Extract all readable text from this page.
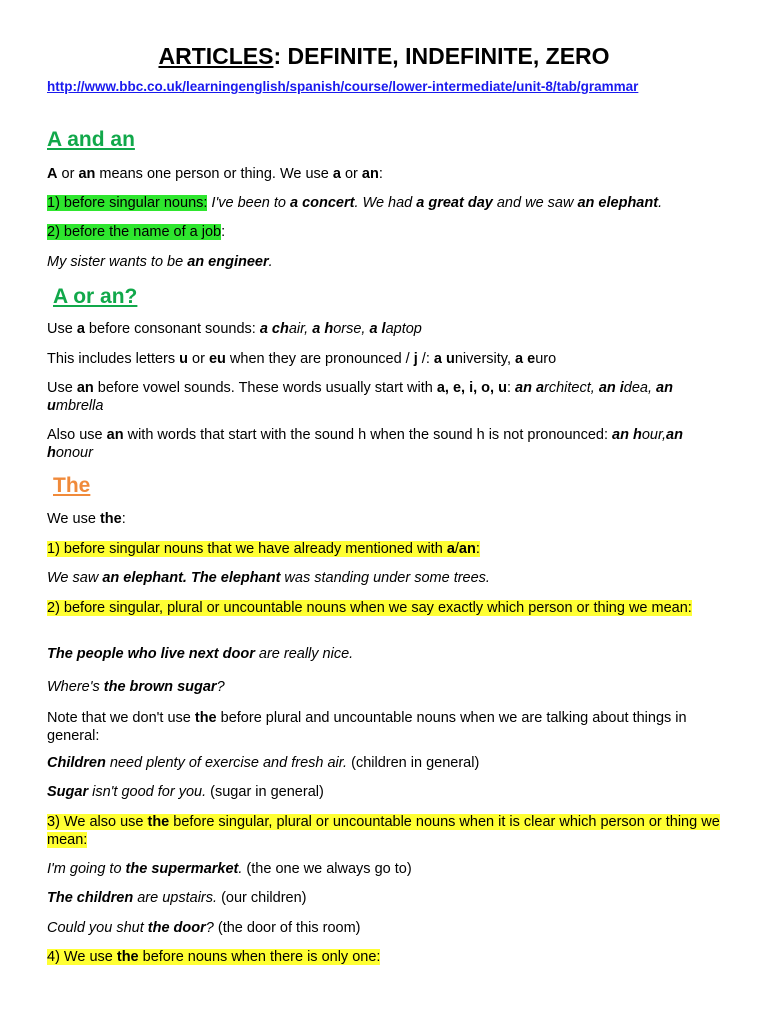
ARTICLES: DEFINITE, INDEFINITE, ZERO
http://www.bbc.co.uk/learningenglish/spanish/course/lower-intermediate/unit-8/tab/grammar
A and an

A or an means one person or thing. We use a or an:

1) before singular nouns: I've been to a concert. We had a great day and we saw an elephant.

2) before the name of a job:

My sister wants to be an engineer.

A or an?

Use a before consonant sounds: a chair, a horse, a laptop

This includes letters u or eu when they are pronounced / j /: a university, a euro

Use an before vowel sounds. These words usually start with a, e, i, o, u: an architect, an idea, an umbrella

Also use an with words that start with the sound h when the sound h is not pronounced: an hour,an honour

The

We use the:

1) before singular nouns that we have already mentioned with a/an:

We saw an elephant. The elephant was standing under some trees.

2) before singular, plural or uncountable nouns when we say exactly which person or thing we mean:

The people who live next door are really nice.

Where's the brown sugar?

Note that we don't use the before plural and uncountable nouns when we are talking about things in general:

Children need plenty of exercise and fresh air. (children in general)

Sugar isn't good for you. (sugar in general)

3) We also use the before singular, plural or uncountable nouns when it is clear which person or thing we mean:

I'm going to the supermarket. (the one we always go to)

The children are upstairs. (our children)

Could you shut the door? (the door of this room)

4) We use the before nouns when there is only one:
